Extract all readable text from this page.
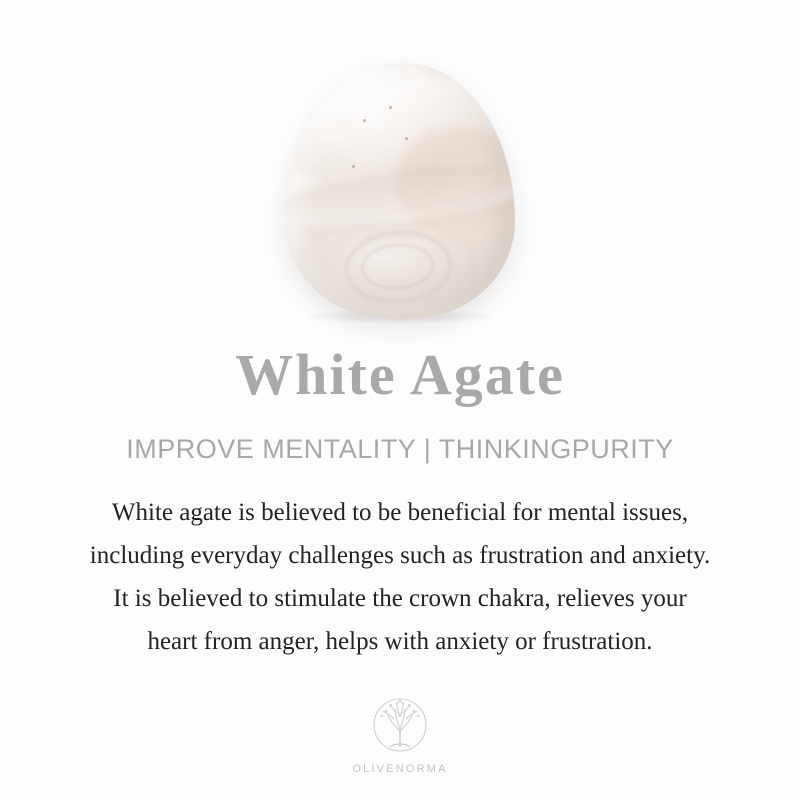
White Agate
IMPROVE MENTALITY | THINKINGPURITY

White agate is believed to be beneficial for mental issues,

including everyday challenges such as frustration and anxiety.

It is believed to stimulate the crown chakra, relieves your

heart from anger, helps with anxiety or frustration.

OLIVENORMA
